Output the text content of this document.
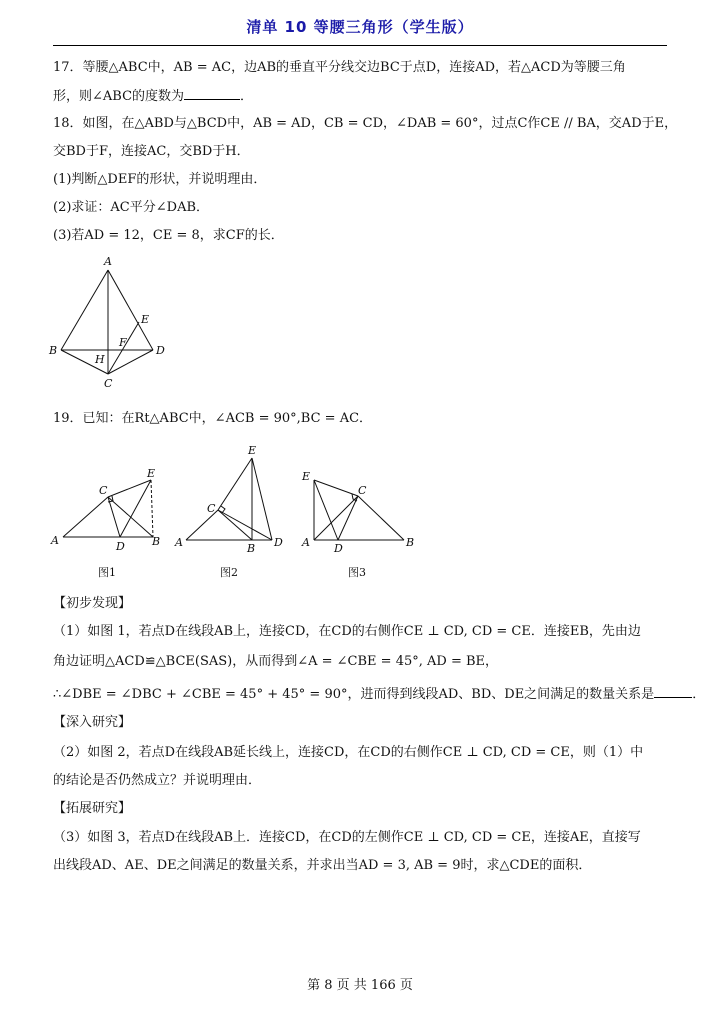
清单 10 等腰三角形（学生版）
17．等腰△ABC中，AB = AC，边AB的垂直平分线交边BC于点D，连接AD，若△ACD为等腰三角
形，则∠ABC的度数为	．
18．如图，在△ABD与△BCD中，AB = AD，CB = CD，∠DAB = 60°，过点C作CE // BA，交AD于E，
交BD于F，连接AC，交BD于H．
(1)判断△DEF的形状，并说明理由．
(2)求证：AC平分∠DAB．
(3)若AD = 12，CE = 8，求CF的长．
A
B
C
D
E
F
H
19．已知：在Rt△ABC中，∠ACB = 90°,BC = AC．
A	B
C
D
E
图1
A	B
C
D
E
图2
A	B
C
D
E
图3
【初步发现】
（1）如图 1，若点D在线段AB上，连接CD，在CD的右侧作CE ⊥ CD, CD = CE．连接EB，先由边
角边证明△ACD≌△BCE(SAS)，从而得到∠A = ∠CBE = 45°, AD = BE，
∴∠DBE = ∠DBC + ∠CBE = 45° + 45° = 90°，进而得到线段AD、BD、DE之间满足的数量关系是	．
【深入研究】
（2）如图 2，若点D在线段AB延长线上，连接CD，在CD的右侧作CE ⊥ CD, CD = CE，则（1）中
的结论是否仍然成立？并说明理由．
【拓展研究】
（3）如图 3，若点D在线段AB上．连接CD，在CD的左侧作CE ⊥ CD, CD = CE，连接AE，直接写
出线段AD、AE、DE之间满足的数量关系，并求出当AD = 3, AB = 9时，求△CDE的面积．
第 8 页 共 166 页
